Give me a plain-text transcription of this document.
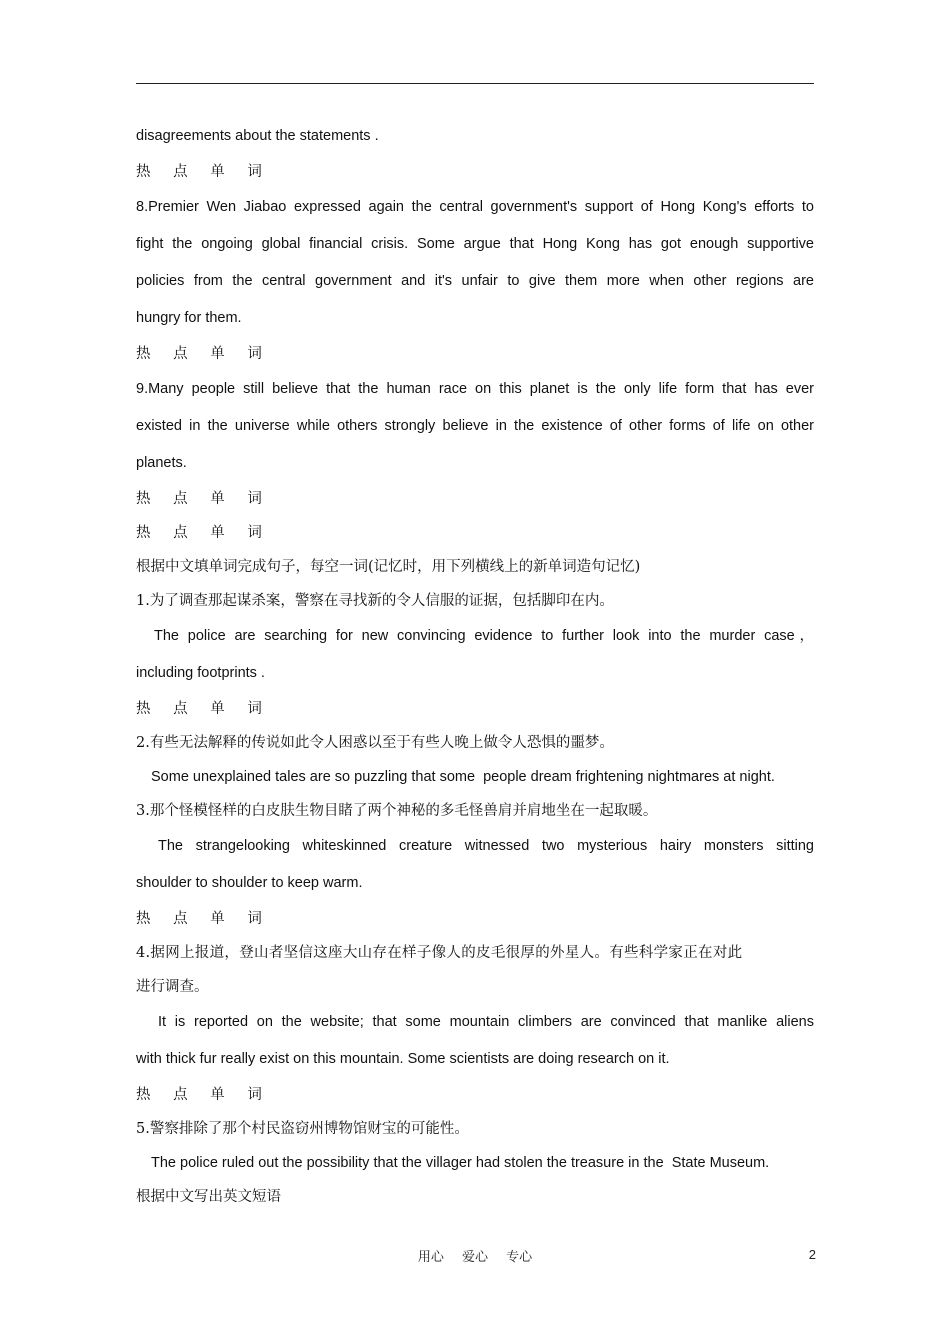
disagreements about the statements .

热 点 单 词

8.Premier Wen Jiabao expressed again the central government's support of Hong Kong's efforts to

fight the ongoing global financial crisis. Some argue that Hong Kong has got enough supportive

policies from the central government and it's unfair to give them more when other regions are

hungry for them.

热 点 单 词

9.Many people still believe that the human race on this planet is the only life form that has ever

existed in the universe while others strongly believe in the existence of other forms of life on other

planets.

热 点 单 词

热 点 单 词

根据中文填单词完成句子，每空一词(记忆时，用下列横线上的新单词造句记忆)

1.为了调查那起谋杀案，警察在寻找新的令人信服的证据，包括脚印在内。

The police are searching for new convincing evidence to further look into the murder case，

including footprints .

热 点 单 词

2.有些无法解释的传说如此令人困惑以至于有些人晚上做令人恐惧的噩梦。

Some unexplained tales are so puzzling that some  people dream frightening nightmares at night.

3.那个怪模怪样的白皮肤生物目睹了两个神秘的多毛怪兽肩并肩地坐在一起取暖。

The strangelooking whiteskinned creature witnessed two mysterious hairy monsters sitting

shoulder to shoulder to keep warm.

热 点 单 词

4.据网上报道，登山者坚信这座大山存在样子像人的皮毛很厚的外星人。有些科学家正在对此

进行调查。

It is reported on the website; that some mountain climbers are convinced that manlike aliens

with thick fur really exist on this mountain. Some scientists are doing research on it.

热 点 单 词

5.警察排除了那个村民盗窃州博物馆财宝的可能性。

The police ruled out the possibility that the villager had stolen the treasure in the  State Museum.

根据中文写出英文短语

用心 爱心 专心	2
